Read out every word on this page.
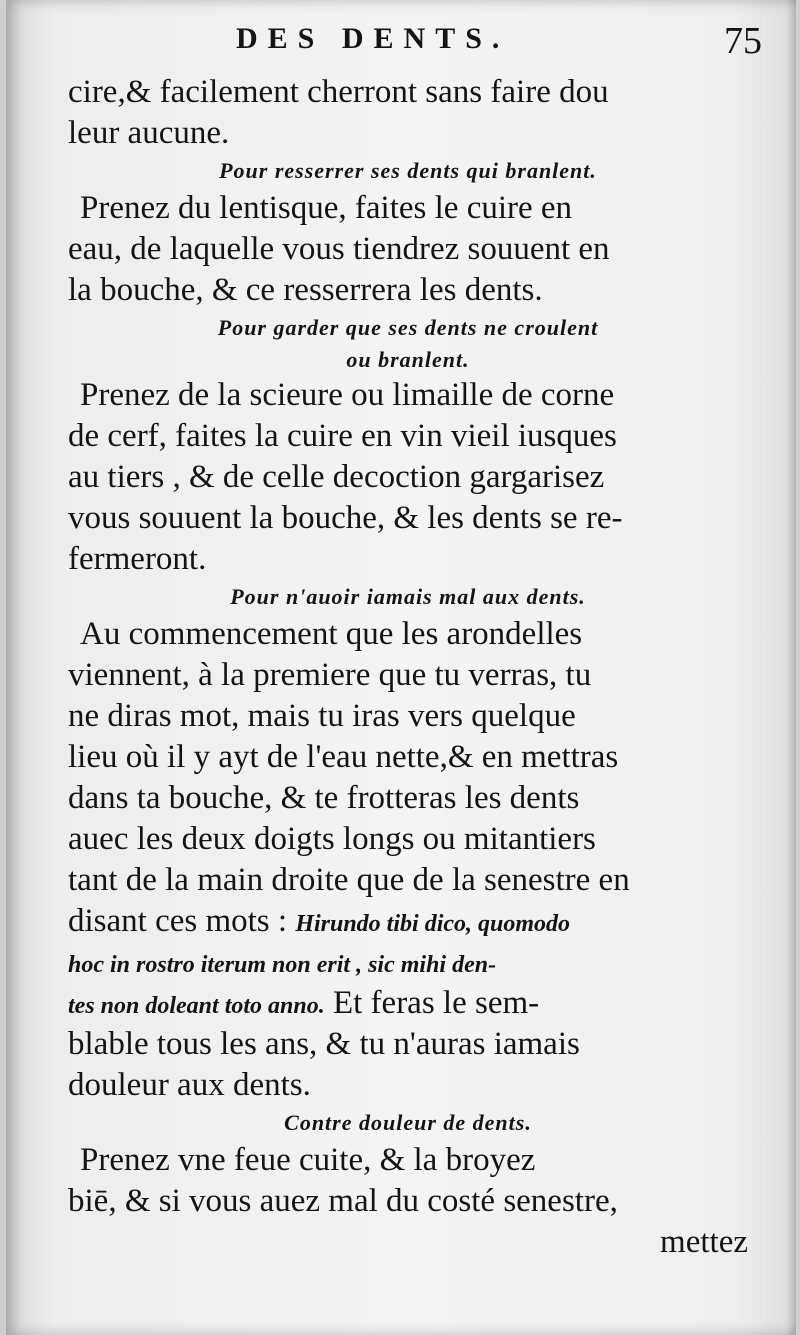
DES DENTS.	75
cire,& facilement cherront sans faire dou
leur aucune.
Pour resserrer ses dents qui branlent.
Prenez du lentisque, faites le cuire en
eau, de laquelle vous tiendrez souuent en
la bouche, & ce resserrera les dents.
Pour garder que ses dents ne croulent
ou branlent.
Prenez de la scieure ou limaille de corne
de cerf, faites la cuire en vin vieil iusques
au tiers , & de celle decoction gargarisez
vous souuent la bouche, & les dents se re-
fermeront.
Pour n'auoir iamais mal aux dents.
Au commencement que les arondelles
viennent, à la premiere que tu verras, tu
ne diras mot, mais tu iras vers quelque
lieu où il y ayt de l'eau nette,& en mettras
dans ta bouche, & te frotteras les dents
auec les deux doigts longs ou mitantiers
tant de la main droite que de la senestre en
disant ces mots : Hirundo tibi dico, quomodo
hoc in rostro iterum non erit , sic mihi den-
tes non doleant toto anno. Et feras le sem-
blable tous les ans, & tu n'auras iamais
douleur aux dents.
Contre douleur de dents.
Prenez vne feue cuite, & la broyez
biē, & si vous auez mal du costé senestre,
mettez
